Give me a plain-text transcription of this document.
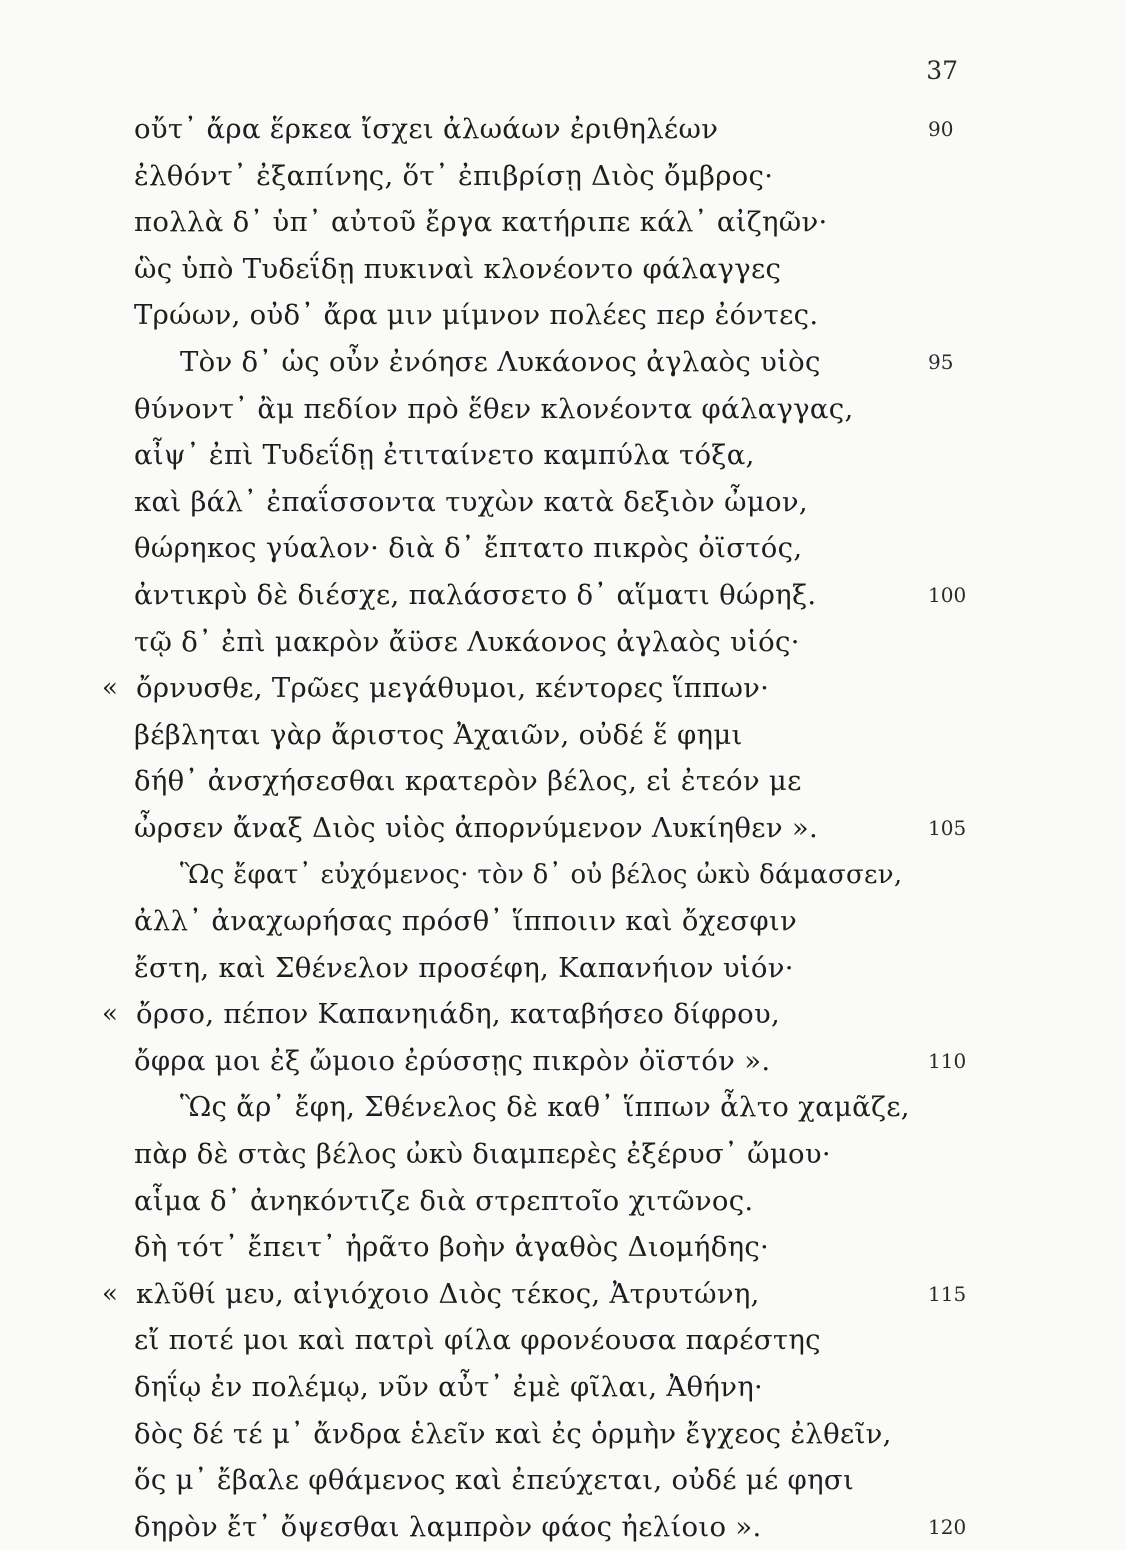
37
οὔτ᾽ ἄρα ἕρκεα ἴσχει ἀλωάων ἐριθηλέων	90
ἐλθόντ᾽ ἐξαπίνης, ὅτ᾽ ἐπιβρίσῃ Διὸς ὄμβρος·
πολλὰ δ᾽ ὑπ᾽ αὐτοῦ ἔργα κατήριπε κάλ᾽ αἰζηῶν·
ὣς ὑπὸ Τυδεΐδῃ πυκιναὶ κλονέοντο φάλαγγες
Τρώων, οὐδ᾽ ἄρα μιν μίμνον πολέες περ ἐόντες.
Τὸν δ᾽ ὡς οὖν ἐνόησε Λυκάονος ἀγλαὸς υἱὸς	95
θύνοντ᾽ ἂμ πεδίον πρὸ ἕθεν κλονέοντα φάλαγγας,
αἶψ᾽ ἐπὶ Τυδεΐδῃ ἐτιταίνετο καμπύλα τόξα,
καὶ βάλ᾽ ἐπαΐσσοντα τυχὼν κατὰ δεξιὸν ὦμον,
θώρηκος γύαλον· διὰ δ᾽ ἔπτατο πικρὸς ὀϊστός,
ἀντικρὺ δὲ διέσχε, παλάσσετο δ᾽ αἵματι θώρηξ.	100
τῷ δ᾽ ἐπὶ μακρὸν ἄϋσε Λυκάονος ἀγλαὸς υἱός·
« ὄρνυσθε, Τρῶες μεγάθυμοι, κέντορες ἵππων·
βέβληται γὰρ ἄριστος Ἀχαιῶν, οὐδέ ἕ φημι
δήθ᾽ ἀνσχήσεσθαι κρατερὸν βέλος, εἰ ἐτεόν με
ὦρσεν ἄναξ Διὸς υἱὸς ἀπορνύμενον Λυκίηθεν ».	105
Ὣς ἔφατ᾽ εὐχόμενος· τὸν δ᾽ οὐ βέλος ὠκὺ δάμασσεν,
ἀλλ᾽ ἀναχωρήσας πρόσθ᾽ ἵπποιιν καὶ ὄχεσφιν
ἔστη, καὶ Σθένελον προσέφη, Καπανήιον υἱόν·
« ὄρσο, πέπον Καπανηιάδη, καταβήσεο δίφρου,
ὄφρα μοι ἐξ ὤμοιο ἐρύσσῃς πικρὸν ὀϊστόν ».	110
Ὣς ἄρ᾽ ἔφη, Σθένελος δὲ καθ᾽ ἵππων ἆλτο χαμᾶζε,
πὰρ δὲ στὰς βέλος ὠκὺ διαμπερὲς ἐξέρυσ᾽ ὤμου·
αἷμα δ᾽ ἀνηκόντιζε διὰ στρεπτοῖο χιτῶνος.
δὴ τότ᾽ ἔπειτ᾽ ἠρᾶτο βοὴν ἀγαθὸς Διομήδης·
« κλῦθί μευ, αἰγιόχοιο Διὸς τέκος, Ἀτρυτώνη,	115
εἴ ποτέ μοι καὶ πατρὶ φίλα φρονέουσα παρέστης
δηΐῳ ἐν πολέμῳ, νῦν αὖτ᾽ ἐμὲ φῖλαι, Ἀθήνη·
δὸς δέ τέ μ᾽ ἄνδρα ἑλεῖν καὶ ἐς ὁρμὴν ἔγχεος ἐλθεῖν,
ὅς μ᾽ ἔβαλε φθάμενος καὶ ἐπεύχεται, οὐδέ μέ φησι
δηρὸν ἔτ᾽ ὄψεσθαι λαμπρὸν φάος ἠελίοιο ».	120
